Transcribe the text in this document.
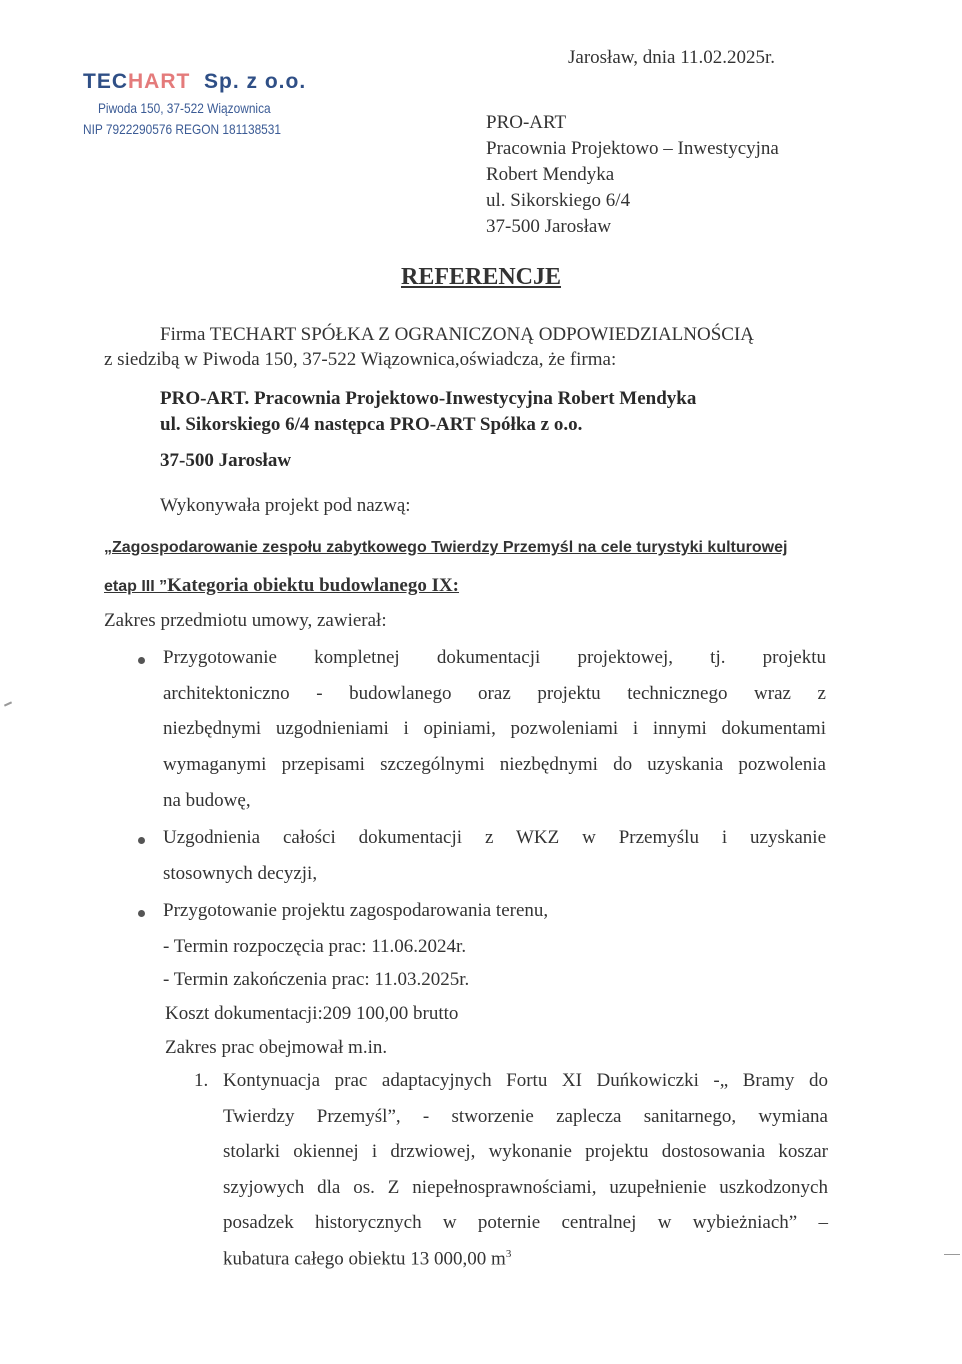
TECHART Sp. z o.o.
Piwoda 150, 37-522 Wiązownica
NIP 7922290576 REGON 181138531
Jarosław, dnia 11.02.2025r.
PRO-ART
Pracownia Projektowo – Inwestycyjna
Robert Mendyka
ul. Sikorskiego 6/4
37-500 Jarosław
REFERENCJE
Firma TECHART SPÓŁKA Z OGRANICZONĄ ODPOWIEDZIALNOŚCIĄ
z siedzibą w Piwoda 150, 37-522 Wiązownica,oświadcza, że firma:
PRO-ART. Pracownia Projektowo-Inwestycyjna Robert Mendyka
ul. Sikorskiego 6/4 następca PRO-ART Spółka z o.o.
37-500 Jarosław
Wykonywała projekt pod nazwą:
„Zagospodarowanie zespołu zabytkowego Twierdzy Przemyśl na cele turystyki kulturowej
etap III ”Kategoria obiektu budowlanego IX:
Zakres przedmiotu umowy, zawierał:
Przygotowanie kompletnej dokumentacji projektowej, tj. projektu
architektoniczno - budowlanego oraz projektu technicznego wraz z
niezbędnymi uzgodnieniami i opiniami, pozwoleniami i innymi dokumentami
wymaganymi przepisami szczególnymi niezbędnymi do uzyskania pozwolenia
na budowę,
Uzgodnienia całości dokumentacji z WKZ w Przemyślu i uzyskanie
stosownych decyzji,
Przygotowanie projektu zagospodarowania terenu,
- Termin rozpoczęcia prac: 11.06.2024r.
- Termin zakończenia prac: 11.03.2025r.
Koszt dokumentacji:209 100,00 brutto
Zakres prac obejmował m.in.
1. Kontynuacja prac adaptacyjnych Fortu XI Duńkowiczki -„ Bramy do
Twierdzy Przemyśl”, - stworzenie zaplecza sanitarnego, wymiana
stolarki okiennej i drzwiowej, wykonanie projektu dostosowania koszar
szyjowych dla os. Z niepełnosprawnościami, uzupełnienie uszkodzonych
posadzek historycznych w poternie centralnej w wybieżniach” –
kubatura całego obiektu 13 000,00 $m^3$
